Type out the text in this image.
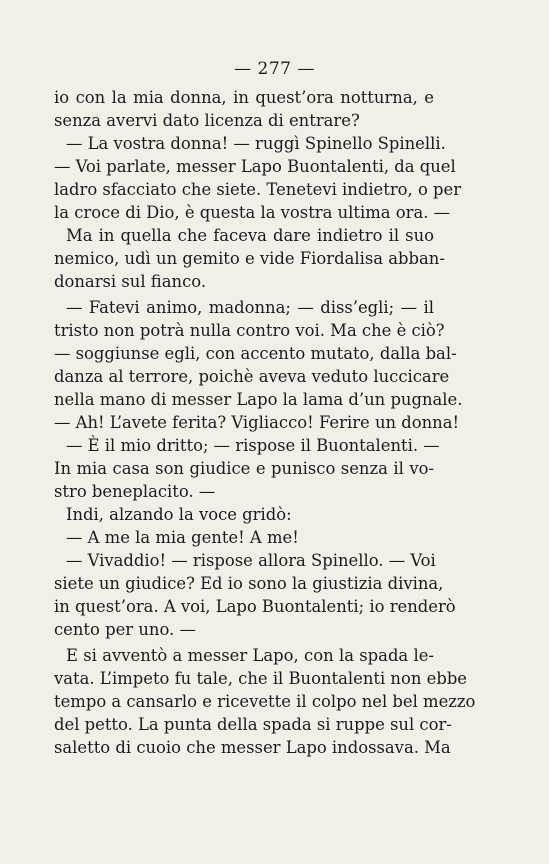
— 277 —
io con la mia donna, in quest’ora notturna, e
senza avervi dato licenza di entrare?
— La vostra donna! — ruggì Spinello Spinelli.
— Voi parlate, messer Lapo Buontalenti, da quel
ladro sfacciato che siete. Tenetevi indietro, o per
la croce di Dio, è questa la vostra ultima ora. —
Ma in quella che faceva dare indietro il suo
nemico, udì un gemito e vide Fiordalisa abban-
donarsi sul fianco.
— Fatevi animo, madonna; — diss’egli; — il
tristo non potrà nulla contro voi. Ma che è ciò?
— soggiunse egli, con accento mutato, dalla bal-
danza al terrore, poichè aveva veduto luccicare
nella mano di messer Lapo la lama d’un pugnale.
— Ah! L’avete ferita? Vigliacco! Ferire un donna!
— È il mio dritto; — rispose il Buontalenti. —
In mia casa son giudice e punisco senza il vo-
stro beneplacito. —
Indi, alzando la voce gridò:
— A me la mia gente! A me!
— Vivaddio! — rispose allora Spinello. — Voi
siete un giudice? Ed io sono la giustizia divina,
in quest’ora. A voi, Lapo Buontalenti; io renderò
cento per uno. —
E si avventò a messer Lapo, con la spada le-
vata. L’impeto fu tale, che il Buontalenti non ebbe
tempo a cansarlo e ricevette il colpo nel bel mezzo
del petto. La punta della spada si ruppe sul cor-
saletto di cuoio che messer Lapo indossava. Ma
